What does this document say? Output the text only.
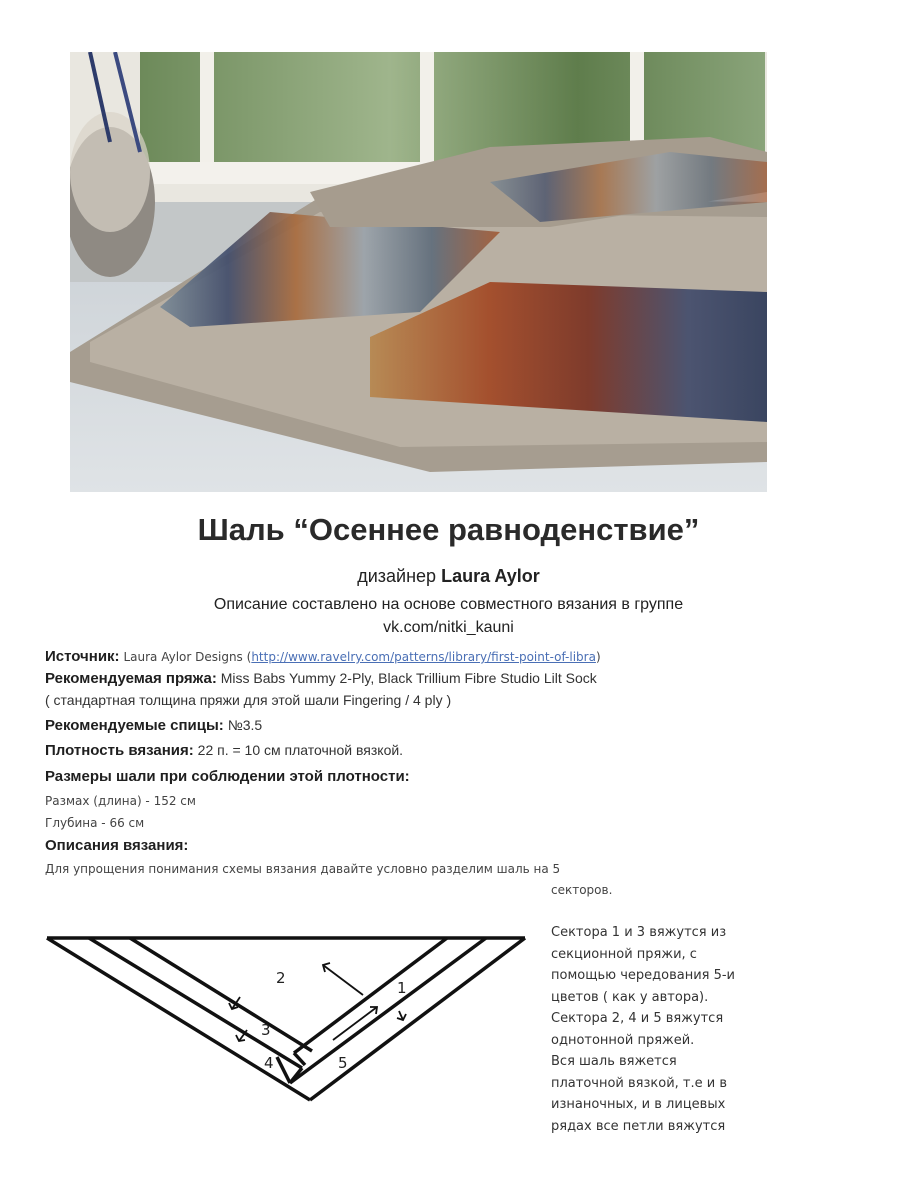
Шаль “Осеннее равноденствие”
дизайнер Laura Aylor
Описание составлено на основе совместного вязания в группе
vk.com/nitki_kauni
Источник: Laura Aylor Designs (http://www.ravelry.com/patterns/library/first-point-of-libra)
Рекомендуемая пряжа: Miss Babs Yummy 2-Ply, Black Trillium Fibre Studio Lilt Sock
( стандартная толщина пряжи для этой шали Fingering / 4 ply )
Рекомендуемые спицы: №3.5
Плотность вязания: 22 п. = 10 см платочной вязкой.
Размеры шали при соблюдении этой плотности:
Размах (длина) - 152 см
Глубина - 66 см
Описания вязания:
Для упрощения понимания схемы вязания давайте условно разделим шаль на 5
секторов.
1
2
3
4	5
Сектора 1 и 3 вяжутся из
секционной пряжи, с
помощью чередования 5-и
цветов ( как у автора).
Сектора 2, 4 и 5 вяжутся
однотонной пряжей.
Вся шаль вяжется
платочной вязкой, т.е и в
изнаночных, и в лицевых
рядах все петли вяжутся
